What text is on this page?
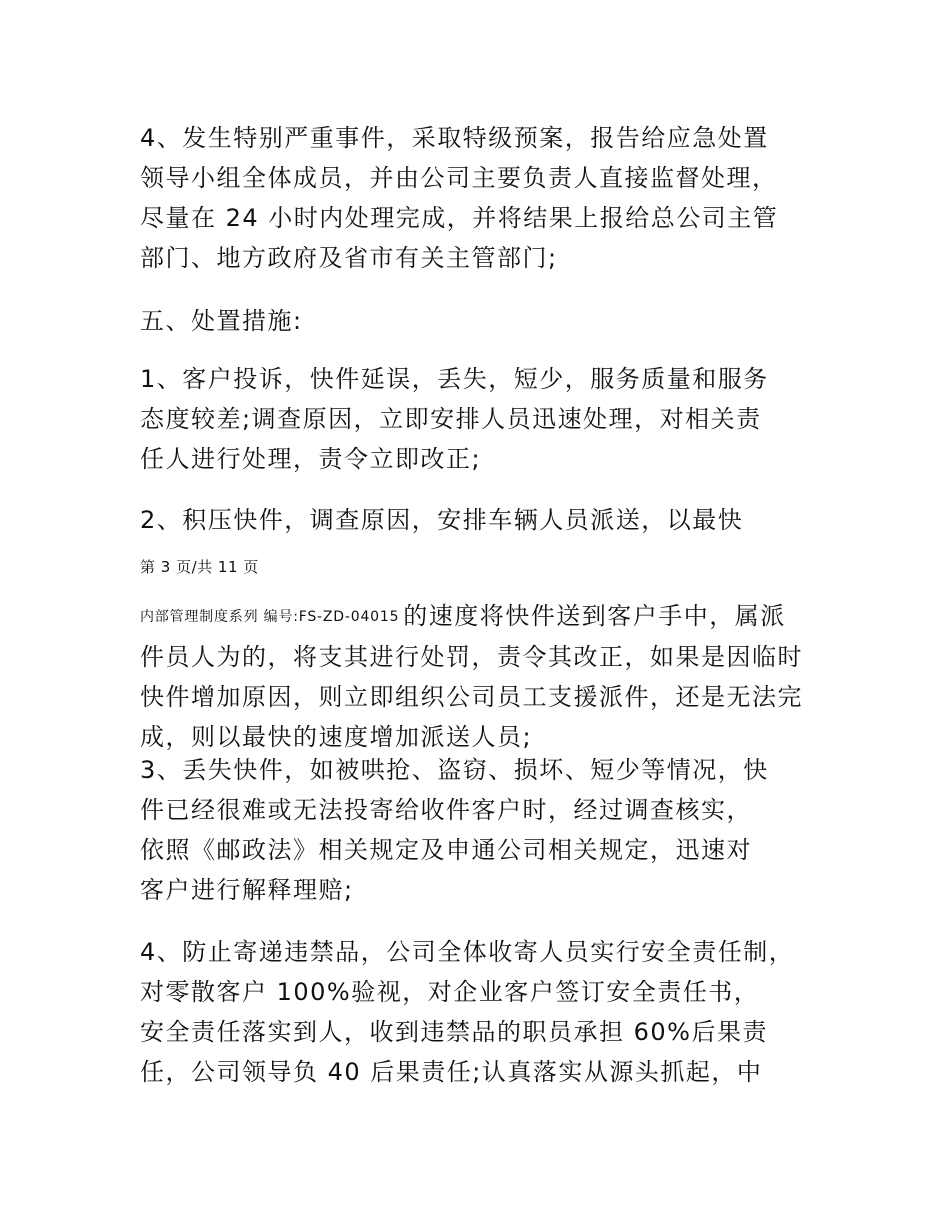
4、发生特别严重事件，采取特级预案，报告给应急处置
领导小组全体成员，并由公司主要负责人直接监督处理，
尽量在 24 小时内处理完成，并将结果上报给总公司主管
部门、地方政府及省市有关主管部门;
五、处置措施:
1、客户投诉，快件延误，丢失，短少，服务质量和服务
态度较差;调查原因，立即安排人员迅速处理，对相关责
任人进行处理，责令立即改正;
2、积压快件，调查原因，安排车辆人员派送，以最快
第 3 页/共 11 页
内部管理制度系列 编号:FS-ZD-04015 的速度将快件送到客户手中，属派
件员人为的，将支其进行处罚，责令其改正，如果是因临时
快件增加原因，则立即组织公司员工支援派件，还是无法完
成，则以最快的速度增加派送人员;
3、丢失快件，如被哄抢、盗窃、损坏、短少等情况，快
件已经很难或无法投寄给收件客户时，经过调查核实，
依照《邮政法》相关规定及申通公司相关规定，迅速对
客户进行解释理赔;
4、防止寄递违禁品，公司全体收寄人员实行安全责任制，
对零散客户 100%验视，对企业客户签订安全责任书，
安全责任落实到人，收到违禁品的职员承担 60%后果责
任，公司领导负 40 后果责任;认真落实从源头抓起，中
